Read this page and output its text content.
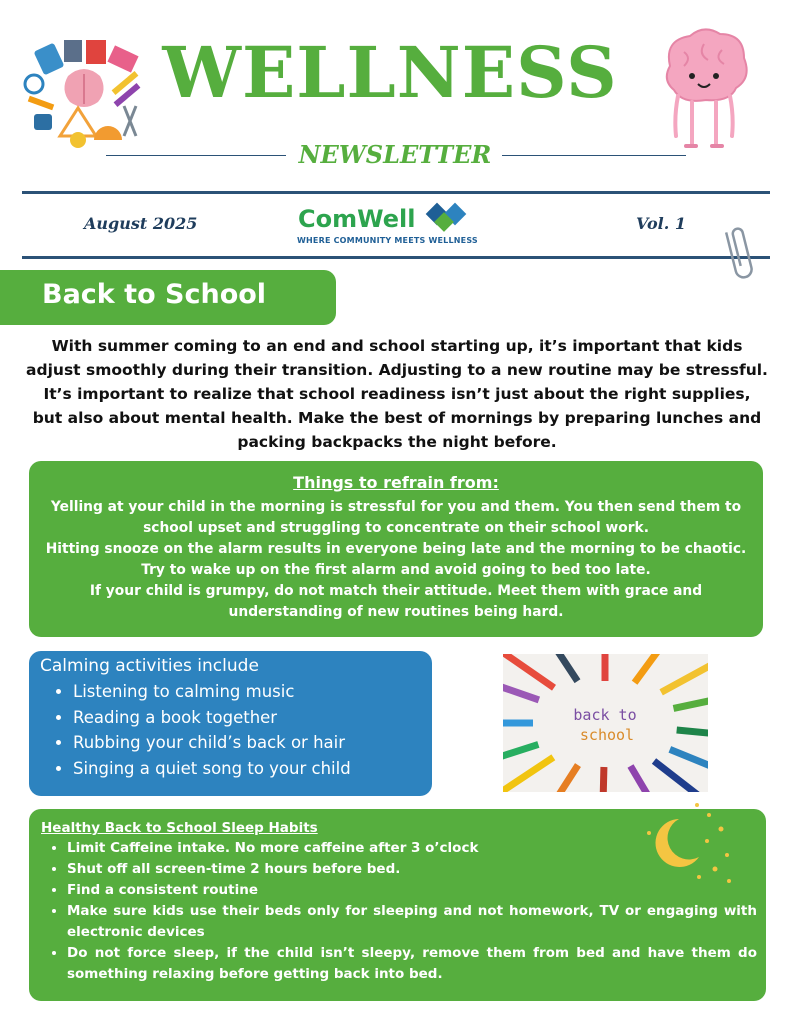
WELLNESS
NEWSLETTER
August 2025	ComWell
WHERE COMMUNITY MEETS WELLNESS
Vol. 1
Back to School
With summer coming to an end and school starting up, it’s important that kids adjust smoothly during their transition. Adjusting to a new routine may be stressful. It’s important to realize that school readiness isn’t just about the right supplies, but also about mental health. Make the best of mornings by preparing lunches and packing backpacks the night before.
Things to refrain from:
Yelling at your child in the morning is stressful for you and them. You then send them to school upset and struggling to concentrate on their school work.
Hitting snooze on the alarm results in everyone being late and the morning to be chaotic. Try to wake up on the first alarm and avoid going to bed too late.
If your child is grumpy, do not match their attitude. Meet them with grace and understanding of new routines being hard.
Calming activities include
• Listening to calming music
• Reading a book together
• Rubbing your child’s back or hair
• Singing a quiet song to your child
back to
school
Healthy Back to School Sleep Habits
• Limit Caffeine intake. No more caffeine after 3 o’clock
• Shut off all screen-time 2 hours before bed.
• Find a consistent routine
• Make sure kids use their beds only for sleeping and not homework, TV or engaging with electronic devices
• Do not force sleep, if the child isn’t sleepy, remove them from bed and have them do something relaxing before getting back into bed.
